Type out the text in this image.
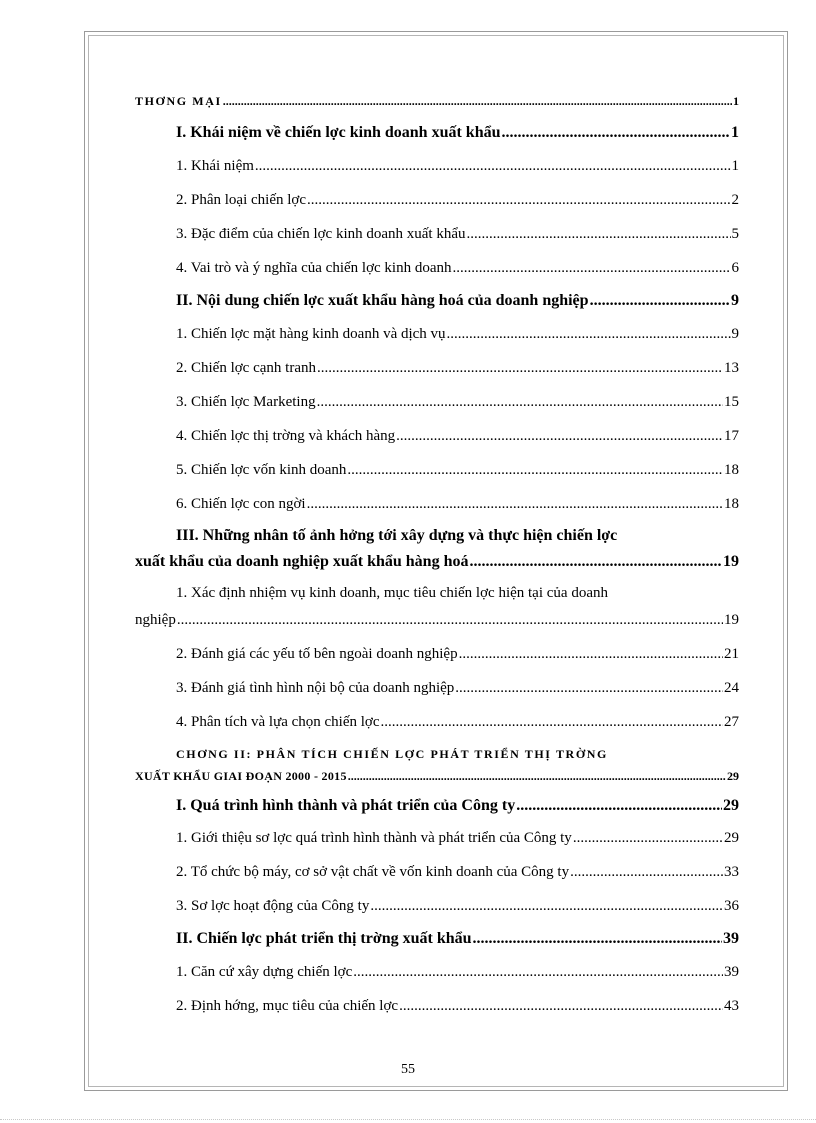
THƠNG MẠI .....	1
I. Khái niệm về chiến lợc kinh doanh xuất khẩu .....	1
1. Khái niệm .....	1
2. Phân loại chiến lợc .....	2
3. Đặc điểm của chiến lợc kinh doanh xuất khẩu .....	5
4. Vai trò và ý nghĩa của chiến lợc kinh doanh .....	6
II. Nội dung chiến lợc xuất khẩu hàng hoá của doanh nghiệp .....	9
1. Chiến lợc mặt hàng kinh doanh và dịch vụ .....	9
2. Chiến lợc cạnh tranh .....	13
3. Chiến lợc Marketing .....	15
4. Chiến lợc thị trờng và khách hàng .....	17
5. Chiến lợc vốn kinh doanh .....	18
6. Chiến lợc con ngời .....	18
III. Những nhân tố ảnh hởng tới xây dựng và thực hiện chiến lợc
xuất khẩu của doanh nghiệp xuất khẩu hàng hoá .....	19
1. Xác định nhiệm vụ kinh doanh, mục tiêu chiến lợc hiện tại của doanh
nghiệp .....	19
2. Đánh giá các yếu tố bên ngoài doanh nghiệp .....	21
3. Đánh giá tình hình nội bộ của doanh nghiệp .....	24
4. Phân tích và lựa chọn chiến lợc .....	27
CHƠNG II: PHÂN TÍCH CHIẾN LỢC PHÁT TRIỂN THỊ TRỜNG
XUẤT KHẨU GIAI ĐOẠN 2000 - 2015 .....	29
I. Quá trình hình thành và phát triển của Công ty .....	29
1. Giới thiệu sơ lợc quá trình hình thành và phát triển của Công ty .....	29
2. Tổ chức bộ máy, cơ sở vật chất về vốn kinh doanh của Công ty .....	33
3. Sơ lợc hoạt động của Công ty .....	36
II. Chiến lợc phát triển thị trờng xuất khẩu .....	39
1. Căn cứ xây dựng chiến lợc .....	39
2. Định hớng, mục tiêu của chiến lợc .....	43
55
